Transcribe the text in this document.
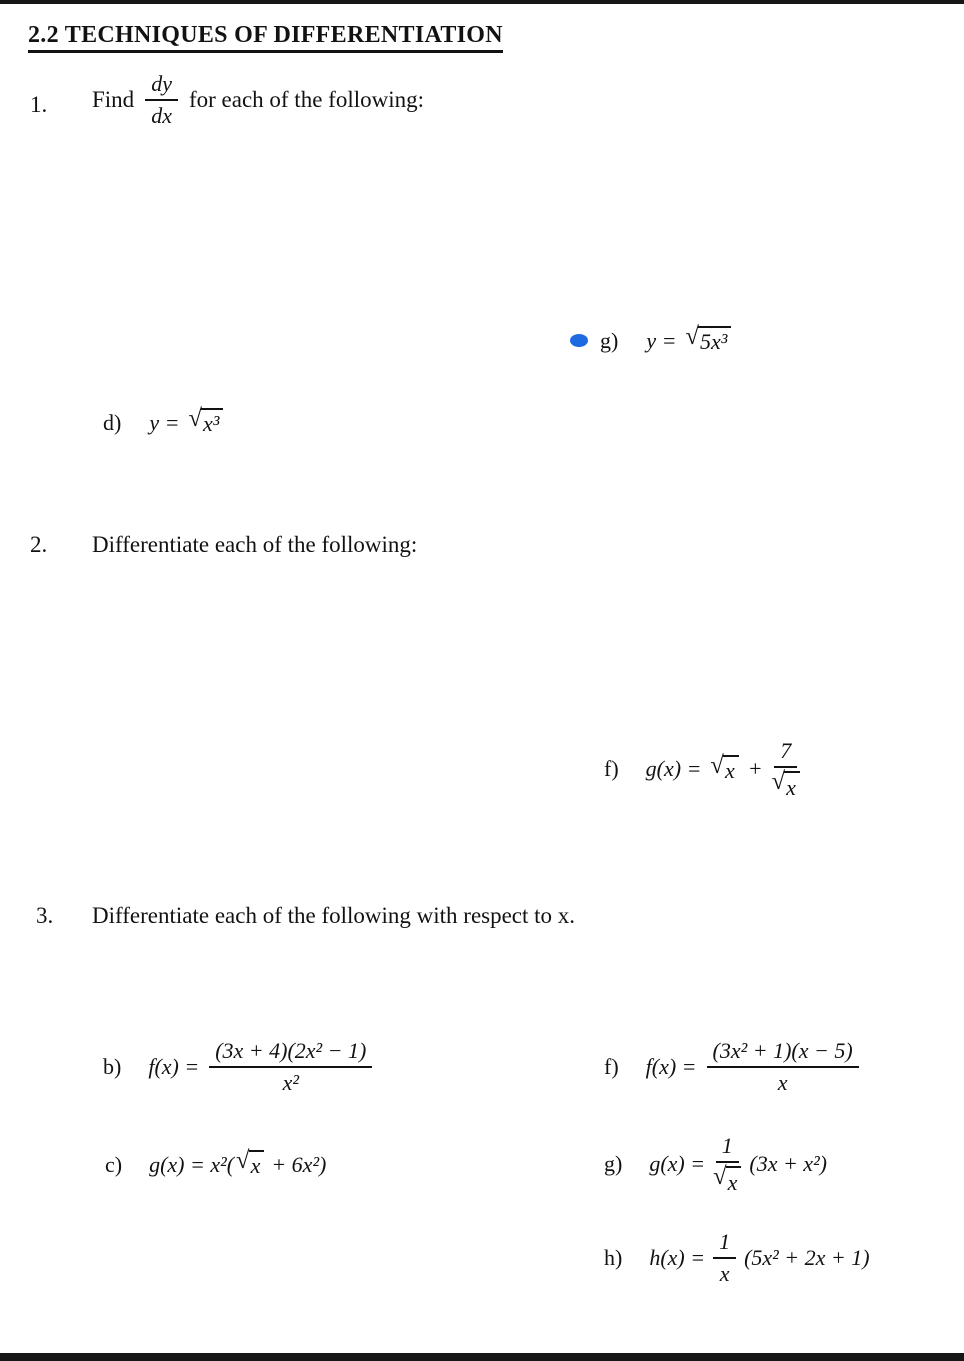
2.2 TECHNIQUES OF DIFFERENTIATION
1. Find $\frac{dy}{dx}$ for each of the following:
g) y = √ 5x³
d) y = √ x³
2. Differentiate each of the following:
f) g(x) = √ $x + \frac{7}{√ x}$
3. Differentiate each of the following with respect to x.
b) $f(x) = \frac{\text{(3x + 4)(2x² − 1)}}{\text{x²}}$	f) $f(x) = \frac{\text{(3x² + 1)(x − 5)}}{x}$
c) g(x) = x²( √ x + 6x²)	g) $g(x) = \frac{1}{√ x} (3x + x^2)$
h) $h(x) = \frac{1}{x} (5x^2 + 2x + 1)$
